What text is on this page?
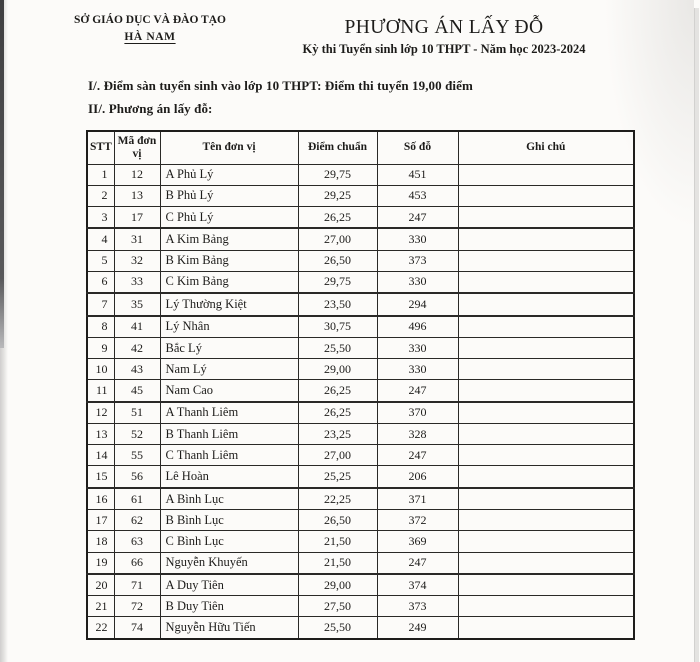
SỞ GIÁO DỤC VÀ ĐÀO TẠO
HÀ NAM	PHƯƠNG ÁN LẤY ĐỖ
Kỳ thi Tuyển sinh lớp 10 THPT - Năm học 2023-2024
I/. Điểm sàn tuyển sinh vào lớp 10 THPT: Điểm thi tuyển 19,00 điểm
II/. Phương án lấy đỗ:
STT	Mã đơn vị	Tên đơn vị	Điểm chuẩn	Số đỗ	Ghi chú
1	12	A Phủ Lý	29,75	451	
2	13	B Phủ Lý	29,25	453	
3	17	C Phủ Lý	26,25	247	
4	31	A Kim Bảng	27,00	330	
5	32	B Kim Bảng	26,50	373	
6	33	C Kim Bảng	29,75	330	
7	35	Lý Thường Kiệt	23,50	294	
8	41	Lý Nhân	30,75	496	
9	42	Bắc Lý	25,50	330	
10	43	Nam Lý	29,00	330	
11	45	Nam Cao	26,25	247	
12	51	A Thanh Liêm	26,25	370	
13	52	B Thanh Liêm	23,25	328	
14	55	C Thanh Liêm	27,00	247	
15	56	Lê Hoàn	25,25	206	
16	61	A Bình Lục	22,25	371	
17	62	B Bình Lục	26,50	372	
18	63	C Bình Lục	21,50	369	
19	66	Nguyễn Khuyến	21,50	247	
20	71	A Duy Tiên	29,00	374	
21	72	B Duy Tiên	27,50	373	
22	74	Nguyễn Hữu Tiến	25,50	249	
